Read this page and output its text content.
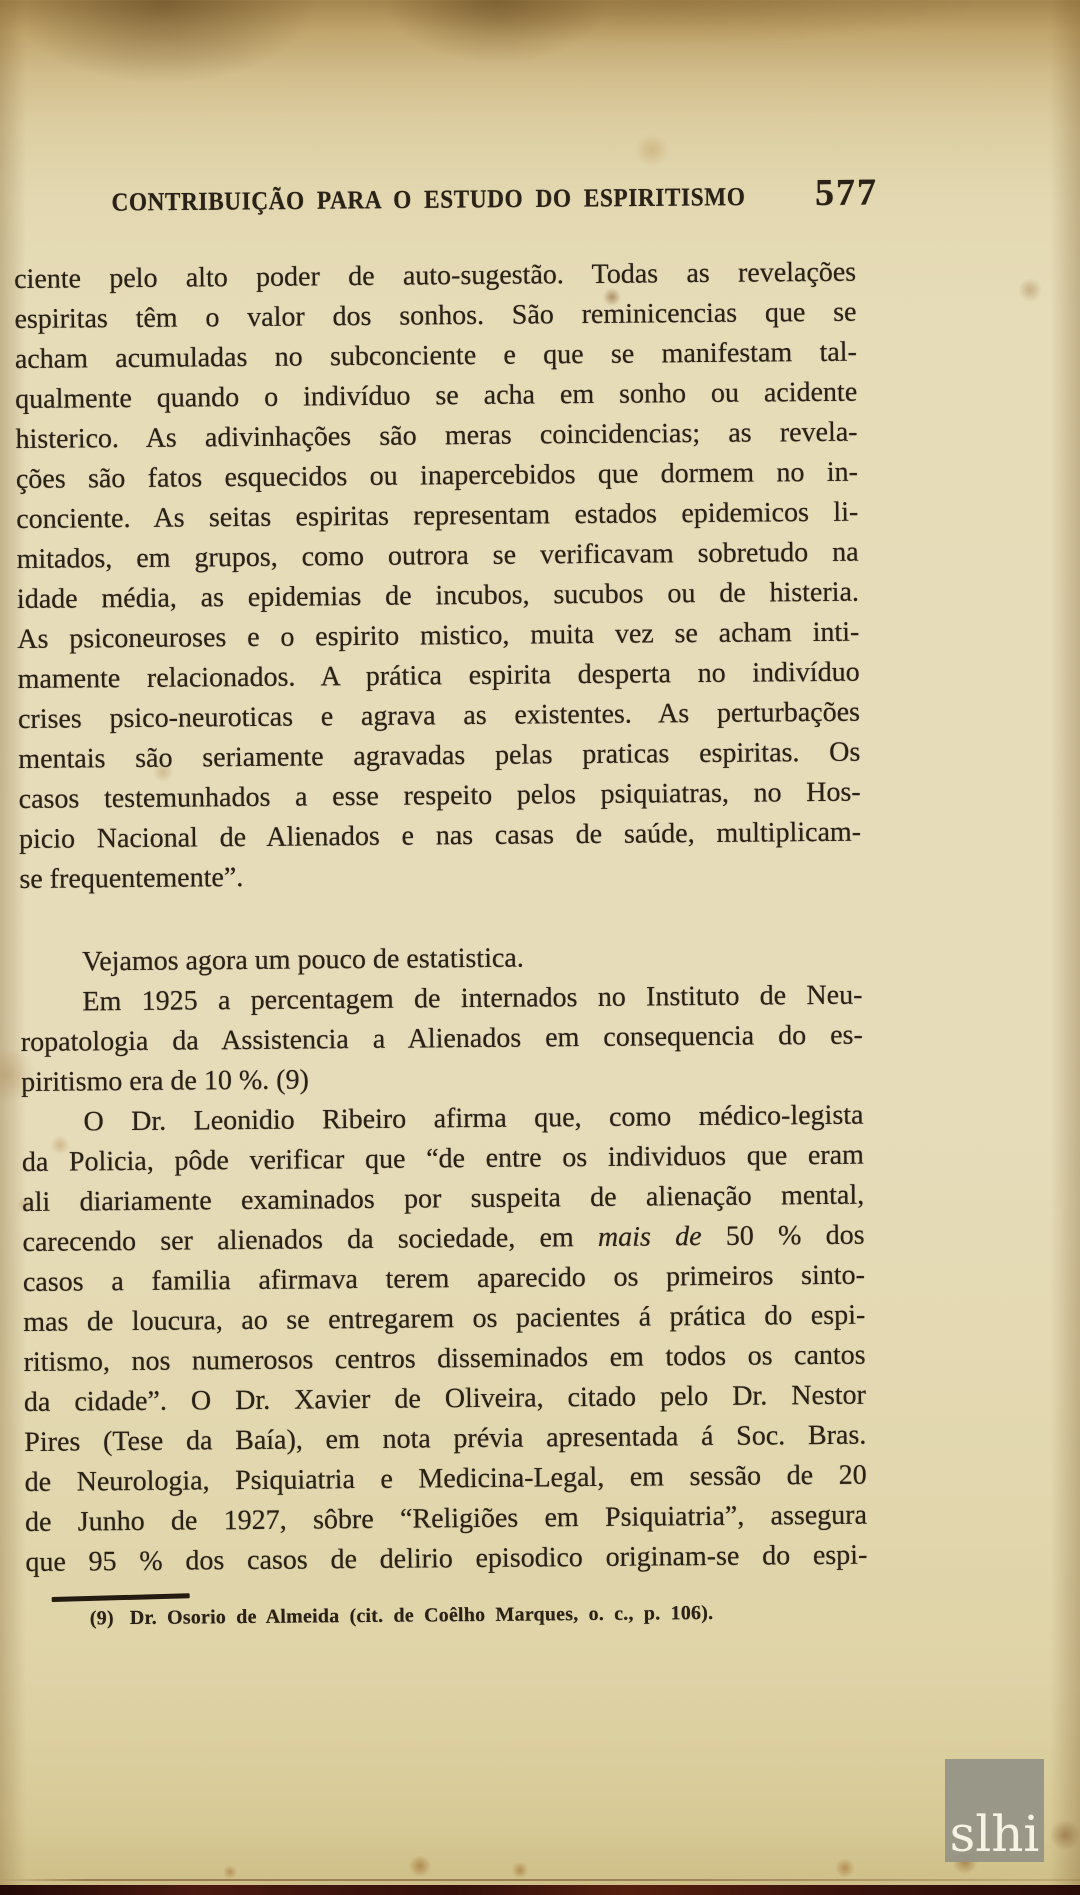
CONTRIBUIÇÃO PARA O ESTUDO DO ESPIRITISMO 577
ciente pelo alto poder de auto-sugestão. Todas as revelações
espiritas têm o valor dos sonhos. São reminicencias que se
acham acumuladas no subconciente e que se manifestam tal-
qualmente quando o indivíduo se acha em sonho ou acidente
histerico. As adivinhações são meras coincidencias; as revela-
ções são fatos esquecidos ou inapercebidos que dormem no in-
conciente. As seitas espiritas representam estados epidemicos li-
mitados, em grupos, como outrora se verificavam sobretudo na
idade média, as epidemias de incubos, sucubos ou de histeria.
As psiconeuroses e o espirito mistico, muita vez se acham inti-
mamente relacionados. A prática espirita desperta no indivíduo
crises psico-neuroticas e agrava as existentes. As perturbações
mentais são seriamente agravadas pelas praticas espiritas. Os
casos testemunhados a esse respeito pelos psiquiatras, no Hos-
picio Nacional de Alienados e nas casas de saúde, multiplicam-
se frequentemente”.
Vejamos agora um pouco de estatistica.
Em 1925 a percentagem de internados no Instituto de Neu-
ropatologia da Assistencia a Alienados em consequencia do es-
piritismo era de 10 %. (9)
O Dr. Leonidio Ribeiro afirma que, como médico-legista
da Policia, pôde verificar que “de entre os individuos que eram
ali diariamente examinados por suspeita de alienação mental,
carecendo ser alienados da sociedade, em mais de 50 % dos
casos a familia afirmava terem aparecido os primeiros sinto-
mas de loucura, ao se entregarem os pacientes á prática do espi-
ritismo, nos numerosos centros disseminados em todos os cantos
da cidade”. O Dr. Xavier de Oliveira, citado pelo Dr. Nestor
Pires (Tese da Baía), em nota prévia apresentada á Soc. Bras.
de Neurologia, Psiquiatria e Medicina-Legal, em sessão de 20
de Junho de 1927, sôbre “Religiões em Psiquiatria”, assegura
que 95 % dos casos de delirio episodico originam-se do espi-
(9) Dr. Osorio de Almeida (cit. de Coêlho Marques, o. c., p. 106).
slhi
